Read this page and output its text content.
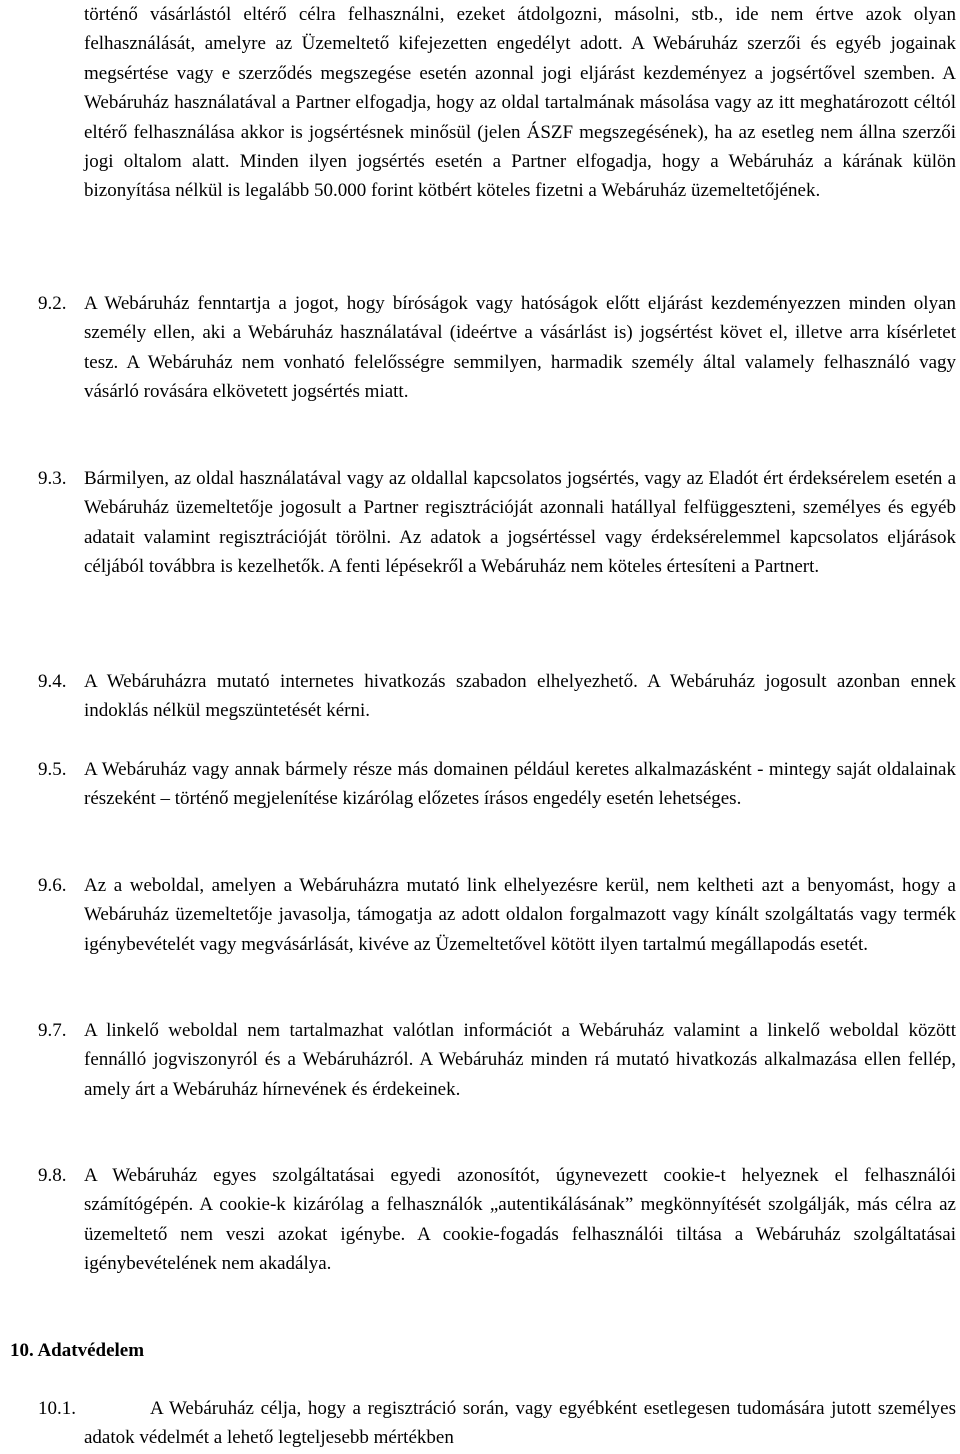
történő vásárlástól eltérő célra felhasználni, ezeket átdolgozni, másolni, stb., ide nem értve azok olyan felhasználását, amelyre az Üzemeltető kifejezetten engedélyt adott. A Webáruház szerzői és egyéb jogainak megsértése vagy e szerződés megszegése esetén azonnal jogi eljárást kezdeményez a jogsértővel szemben. A Webáruház használatával a Partner elfogadja, hogy az oldal tartalmának másolása vagy az itt meghatározott céltól eltérő felhasználása akkor is jogsértésnek minősül (jelen ÁSZF megszegésének), ha az esetleg nem állna szerzői jogi oltalom alatt. Minden ilyen jogsértés esetén a Partner elfogadja, hogy a Webáruház a kárának külön bizonyítása nélkül is legalább 50.000 forint kötbért köteles fizetni a Webáruház üzemeltetőjének.

9.2. A Webáruház fenntartja a jogot, hogy bíróságok vagy hatóságok előtt eljárást kezdeményezzen minden olyan személy ellen, aki a Webáruház használatával (ideértve a vásárlást is) jogsértést követ el, illetve arra kísérletet tesz. A Webáruház nem vonható felelősségre semmilyen, harmadik személy által valamely felhasználó vagy vásárló rovására elkövetett jogsértés miatt.

9.3. Bármilyen, az oldal használatával vagy az oldallal kapcsolatos jogsértés, vagy az Eladót ért érdeksérelem esetén a Webáruház üzemeltetője jogosult a Partner regisztrációját azonnali hatállyal felfüggeszteni, személyes és egyéb adatait valamint regisztrációját törölni. Az adatok a jogsértéssel vagy érdeksérelemmel kapcsolatos eljárások céljából továbbra is kezelhetők. A fenti lépésekről a Webáruház nem köteles értesíteni a Partnert.

9.4. A Webáruházra mutató internetes hivatkozás szabadon elhelyezhető. A Webáruház jogosult azonban ennek indoklás nélkül megszüntetését kérni.

9.5. A Webáruház vagy annak bármely része más domainen például keretes alkalmazásként - mintegy saját oldalainak részeként – történő megjelenítése kizárólag előzetes írásos engedély esetén lehetséges.

9.6. Az a weboldal, amelyen a Webáruházra mutató link elhelyezésre kerül, nem keltheti azt a benyomást, hogy a Webáruház üzemeltetője javasolja, támogatja az adott oldalon forgalmazott vagy kínált szolgáltatás vagy termék igénybevételét vagy megvásárlását, kivéve az Üzemeltetővel kötött ilyen tartalmú megállapodás esetét.

9.7. A linkelő weboldal nem tartalmazhat valótlan információt a Webáruház valamint a linkelő weboldal között fennálló jogviszonyról és a Webáruházról. A Webáruház minden rá mutató hivatkozás alkalmazása ellen fellép, amely árt a Webáruház hírnevének és érdekeinek.

9.8. A Webáruház egyes szolgáltatásai egyedi azonosítót, úgynevezett cookie-t helyeznek el felhasználói számítógépén. A cookie-k kizárólag a felhasználók „autentikálásának” megkönnyítését szolgálják, más célra az üzemeltető nem veszi azokat igénybe. A cookie-fogadás felhasználói tiltása a Webáruház szolgáltatásai igénybevételének nem akadálya.

10. Adatvédelem
10.1.	A Webáruház célja, hogy a regisztráció során, vagy egyébként esetlegesen tudomására jutott személyes adatok védelmét a lehető legteljesebb mértékben
